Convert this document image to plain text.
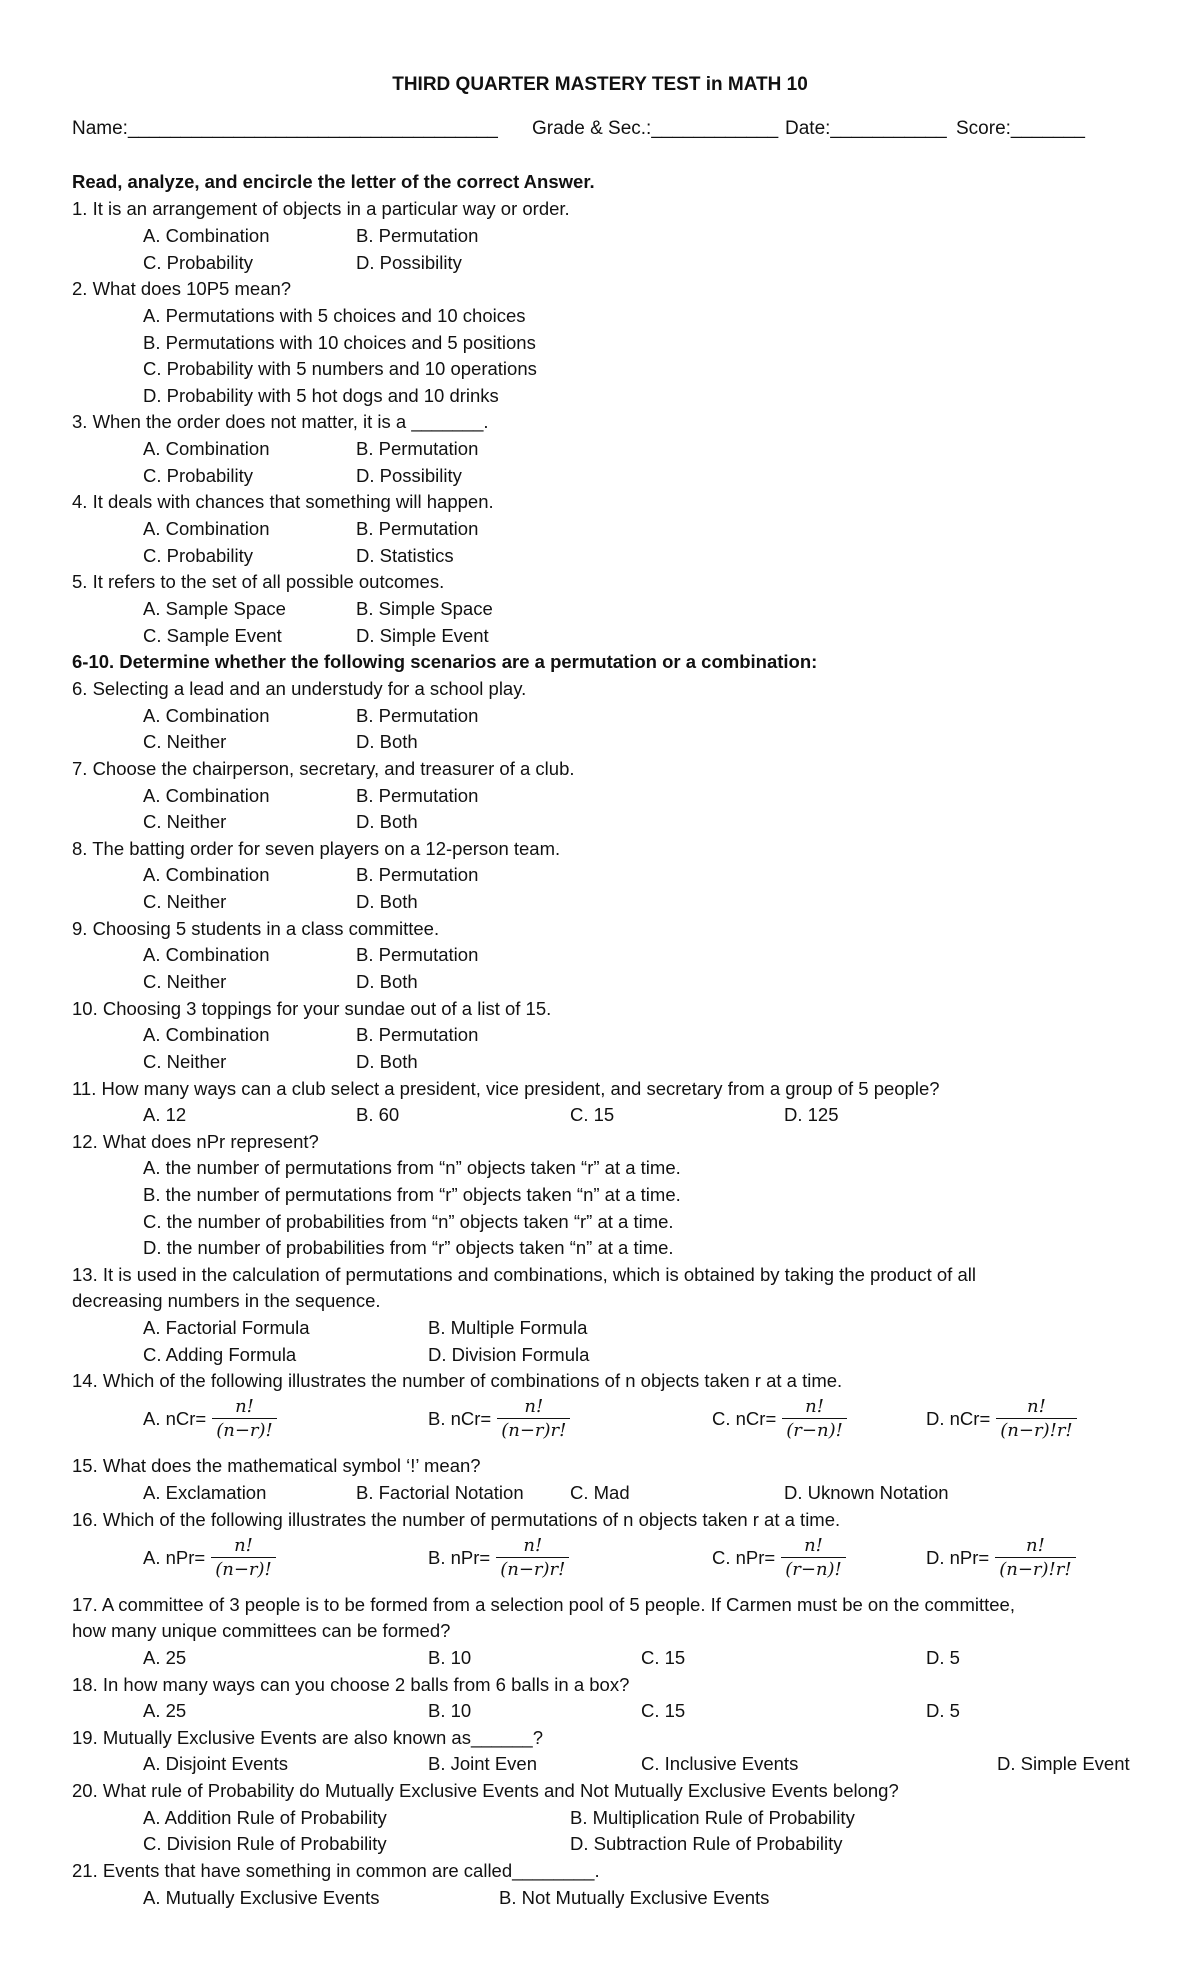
THIRD QUARTER MASTERY TEST in MATH 10
Name:___________________________________ Grade & Sec.:____________ Date:___________ Score:_______
Read, analyze, and encircle the letter of the correct Answer.
1. It is an arrangement of objects in a particular way or order.
A. Combination	B. Permutation
C. Probability	D. Possibility
2. What does 10P5 mean?
A. Permutations with 5 choices and 10 choices
B. Permutations with 10 choices and 5 positions
C. Probability with 5 numbers and 10 operations
D. Probability with 5 hot dogs and 10 drinks
3. When the order does not matter, it is a _______.
A. Combination	B. Permutation
C. Probability	D. Possibility
4. It deals with chances that something will happen.
A. Combination	B. Permutation
C. Probability	D. Statistics
5. It refers to the set of all possible outcomes.
A. Sample Space	B. Simple Space
C. Sample Event	D. Simple Event
6-10. Determine whether the following scenarios are a permutation or a combination:
6. Selecting a lead and an understudy for a school play.
A. Combination	B. Permutation
C. Neither	D. Both
7. Choose the chairperson, secretary, and treasurer of a club.
A. Combination	B. Permutation
C. Neither	D. Both
8. The batting order for seven players on a 12-person team.
A. Combination	B. Permutation
C. Neither	D. Both
9. Choosing 5 students in a class committee.
A. Combination	B. Permutation
C. Neither	D. Both
10. Choosing 3 toppings for your sundae out of a list of 15.
A. Combination	B. Permutation
C. Neither	D. Both
11. How many ways can a club select a president, vice president, and secretary from a group of 5 people?
A. 12	B. 60	C. 15	D. 125
12. What does nPr represent?
A. the number of permutations from “n” objects taken “r” at a time.
B. the number of permutations from “r” objects taken “n” at a time.
C. the number of probabilities from “n” objects taken “r” at a time.
D. the number of probabilities from “r” objects taken “n” at a time.
13. It is used in the calculation of permutations and combinations, which is obtained by taking the product of all
decreasing numbers in the sequence.
A. Factorial Formula	B. Multiple Formula
C. Adding Formula	D. Division Formula
14. Which of the following illustrates the number of combinations of n objects taken r at a time.
A. $nCr= \frac{n!}{(n-r)!}$	B. $nCr= \frac{n!}{(n-r)r!}$	C. $nCr= \frac{n!}{(r-n)!}$	D. $nCr= \frac{n!}{(n-r)!r!}$
15. What does the mathematical symbol ‘!’ mean?
A. Exclamation	B. Factorial Notation	C. Mad	D. Uknown Notation
16. Which of the following illustrates the number of permutations of n objects taken r at a time.
A. $nPr= \frac{n!}{(n-r)!}$	B. $nPr= \frac{n!}{(n-r)r!}$	C. $nPr= \frac{n!}{(r-n)!}$	D. $nPr= \frac{n!}{(n-r)!r!}$
17. A committee of 3 people is to be formed from a selection pool of 5 people. If Carmen must be on the committee,
how many unique committees can be formed?
A. 25	B. 10	C. 15	D. 5
18. In how many ways can you choose 2 balls from 6 balls in a box?
A. 25	B. 10	C. 15	D. 5
19. Mutually Exclusive Events are also known as______?
A. Disjoint Events	B. Joint Even	C. Inclusive Events	D. Simple Event
20. What rule of Probability do Mutually Exclusive Events and Not Mutually Exclusive Events belong?
A. Addition Rule of Probability	B. Multiplication Rule of Probability
C. Division Rule of Probability	D. Subtraction Rule of Probability
21. Events that have something in common are called________.
A. Mutually Exclusive Events	B. Not Mutually Exclusive Events
